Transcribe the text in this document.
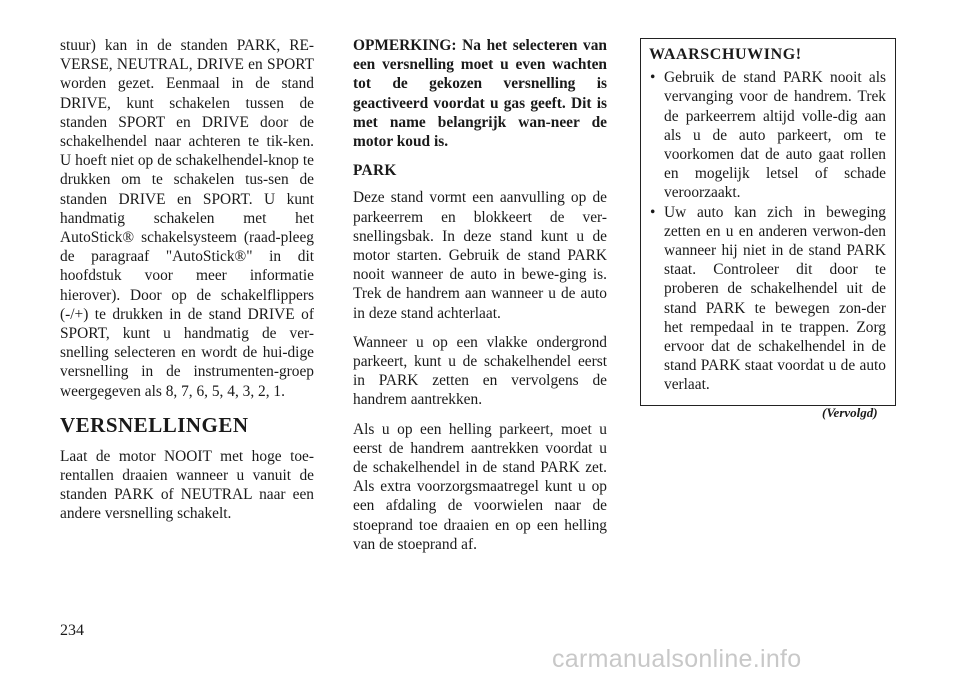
stuur) kan in de standen PARK, RE-VERSE, NEUTRAL, DRIVE en SPORT worden gezet. Eenmaal in de stand DRIVE, kunt schakelen tussen de standen SPORT en DRIVE door de schakelhendel naar achteren te tik-ken. U hoeft niet op de schakelhendel-knop te drukken om te schakelen tus-sen de standen DRIVE en SPORT. U kunt handmatig schakelen met het AutoStick® schakelsysteem (raad-pleeg de paragraaf "AutoStick®" in dit hoofdstuk voor meer informatie hierover). Door op de schakelflippers (-/+) te drukken in de stand DRIVE of SPORT, kunt u handmatig de ver-snelling selecteren en wordt de hui-dige versnelling in de instrumenten-groep weergegeven als 8, 7, 6, 5, 4, 3, 2, 1.

VERSNELLINGEN

Laat de motor NOOIT met hoge toe-rentallen draaien wanneer u vanuit de standen PARK of NEUTRAL naar een andere versnelling schakelt.

OPMERKING: Na het selecteren van een versnelling moet u even wachten tot de gekozen versnelling is geactiveerd voordat u gas geeft. Dit is met name belangrijk wan-neer de motor koud is.

PARK

Deze stand vormt een aanvulling op de parkeerrem en blokkeert de ver-snellingsbak. In deze stand kunt u de motor starten. Gebruik de stand PARK nooit wanneer de auto in bewe-ging is. Trek de handrem aan wanneer u de auto in deze stand achterlaat.

Wanneer u op een vlakke ondergrond parkeert, kunt u de schakelhendel eerst in PARK zetten en vervolgens de handrem aantrekken.

Als u op een helling parkeert, moet u eerst de handrem aantrekken voordat u de schakelhendel in de stand PARK zet. Als extra voorzorgsmaatregel kunt u op een afdaling de voorwielen naar de stoeprand toe draaien en op een helling van de stoeprand af.

WAARSCHUWING!
• Gebruik de stand PARK nooit als vervanging voor de handrem. Trek de parkeerrem altijd volle-dig aan als u de auto parkeert, om te voorkomen dat de auto gaat rollen en mogelijk letsel of schade veroorzaakt.
• Uw auto kan zich in beweging zetten en u en anderen verwon-den wanneer hij niet in de stand PARK staat. Controleer dit door te proberen de schakelhendel uit de stand PARK te bewegen zon-der het rempedaal in te trappen. Zorg ervoor dat de schakelhendel in de stand PARK staat voordat u de auto verlaat.
(Vervolgd)
234
carmanualsonline.info
